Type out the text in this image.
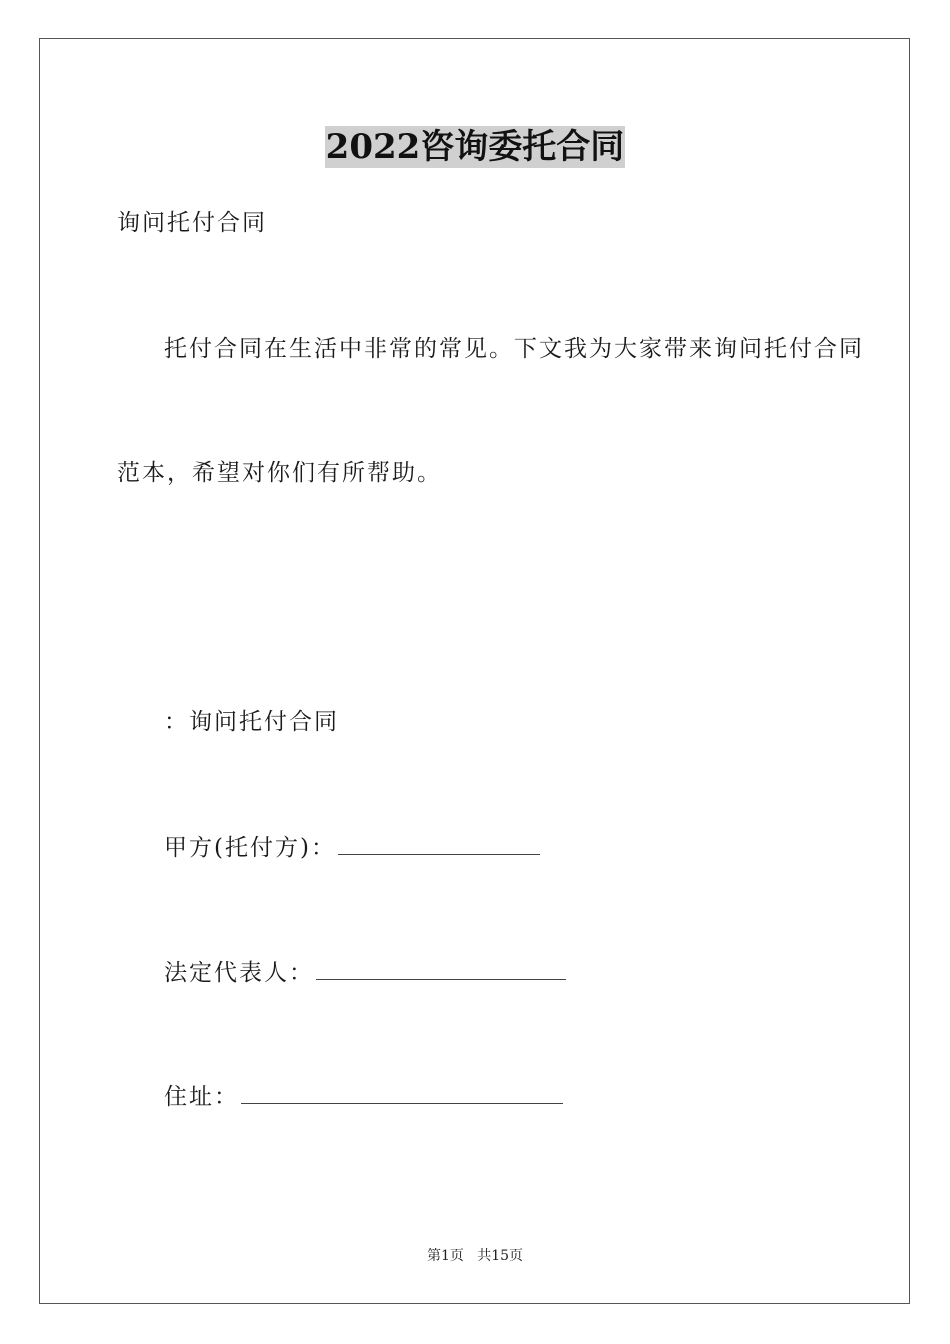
2022咨询委托合同
询问托付合同
托付合同在生活中非常的常见。下文我为大家带来询问托付合同
范本，希望对你们有所帮助。
：询问托付合同
甲方(托付方)：
法定代表人：
住址：
第1页   共15页
